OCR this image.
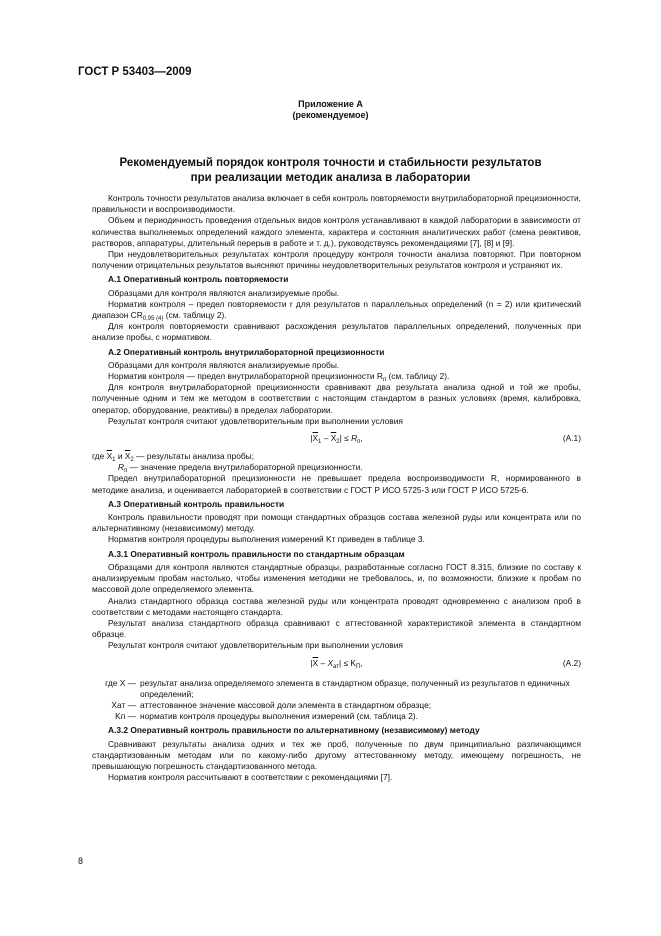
ГОСТ Р 53403—2009
Приложение А
(рекомендуемое)
Рекомендуемый порядок контроля точности и стабильности результатов
при реализации методик анализа в лаборатории

Контроль точности результатов анализа включает в себя контроль повторяемости внутрилабораторной прецизионности, правильности и воспроизводимости.

Объем и периодичность проведения отдельных видов контроля устанавливают в каждой лаборатории в зависимости от количества выполняемых определений каждого элемента, характера и состояния аналитических работ (смена реактивов, растворов, аппаратуры, длительный перерыв в работе и т. д.), руководствуясь рекомендациями [7], [8] и [9].

При неудовлетворительных результатах контроля процедуру контроля точности анализа повторяют. При повторном получении отрицательных результатов выясняют причины неудовлетворительных результатов контроля и устраняют их.

А.1 Оперативный контроль повторяемости

Образцами для контроля являются анализируемые пробы.

Норматив контроля – предел повторяемости r для результатов n параллельных определений (n = 2) или критический диапазон $CR_{0,95 (4)}$ (см. таблицу 2).

Для контроля повторяемости сравнивают расхождения результатов параллельных определений, полученных при анализе пробы, с нормативом.

А.2 Оперативный контроль внутрилабораторной прецизионности

Образцами для контроля являются анализируемые пробы.

Норматив контроля — предел внутрилабораторной прецизионности $R_п$ (см. таблицу 2).

Для контроля внутрилабораторной прецизионности сравнивают два результата анализа одной и той же пробы, полученные одним и тем же методом в соответствии с настоящим стандартом в разных условиях (время, калибровка, оператор, оборудование, реактивы) в пределах лаборатории.

Результат контроля считают удовлетворительным при выполнении условия

$|\overline{X}_1 - \overline{X}_2| \le R_п$,	(А.1)

где $\overline{X}_1$ и $\overline{X}_2$ — результаты анализа пробы;

$R_п$ — значение предела внутрилабораторной прецизионности.

Предел внутрилабораторной прецизионности не превышает предела воспроизводимости R, нормированного в методике анализа, и оценивается лабораторией в соответствии с ГОСТ Р ИСО 5725-3 или ГОСТ Р ИСО 5725-6.

А.3 Оперативный контроль правильности

Контроль правильности проводят при помощи стандартных образцов состава железной руды или концентрата или по альтернативному (независимому) методу.

Норматив контроля процедуры выполнения измерений Kт приведен в таблице 3.

А.3.1 Оперативный контроль правильности по стандартным образцам

Образцами для контроля являются стандартные образцы, разработанные согласно ГОСТ 8.315, близкие по составу к анализируемым пробам настолько, чтобы изменения методики не требовалось, и, по возможности, близкие к пробам по массовой доле определяемого элемента.

Анализ стандартного образца состава железной руды или концентрата проводят одновременно с анализом проб в соответствии с методами настоящего стандарта.

Результат анализа стандартного образца сравнивают с аттестованной характеристикой элемента в стандартном образце.

Результат контроля считают удовлетворительным при выполнении условия

$|\overline{X} - X_{ат}| \le K_П$,	(А.2)
где X — результат анализа определяемого элемента в стандартном образце, полученный из результатов n единичных определений;
Xат — аттестованное значение массовой доли элемента в стандартном образце;
Kп — норматив контроля процедуры выполнения измерений (см. таблица 2).

А.3.2 Оперативный контроль правильности по альтернативному (независимому) методу

Сравнивают результаты анализа одних и тех же проб, полученные по двум принципиально различающимся стандартизованным методам или по какому-либо другому аттестованному методу, имеющему погрешность, не превышающую погрешность стандартизованного метода.

Норматив контроля рассчитывают в соответствии с рекомендациями [7].

8
